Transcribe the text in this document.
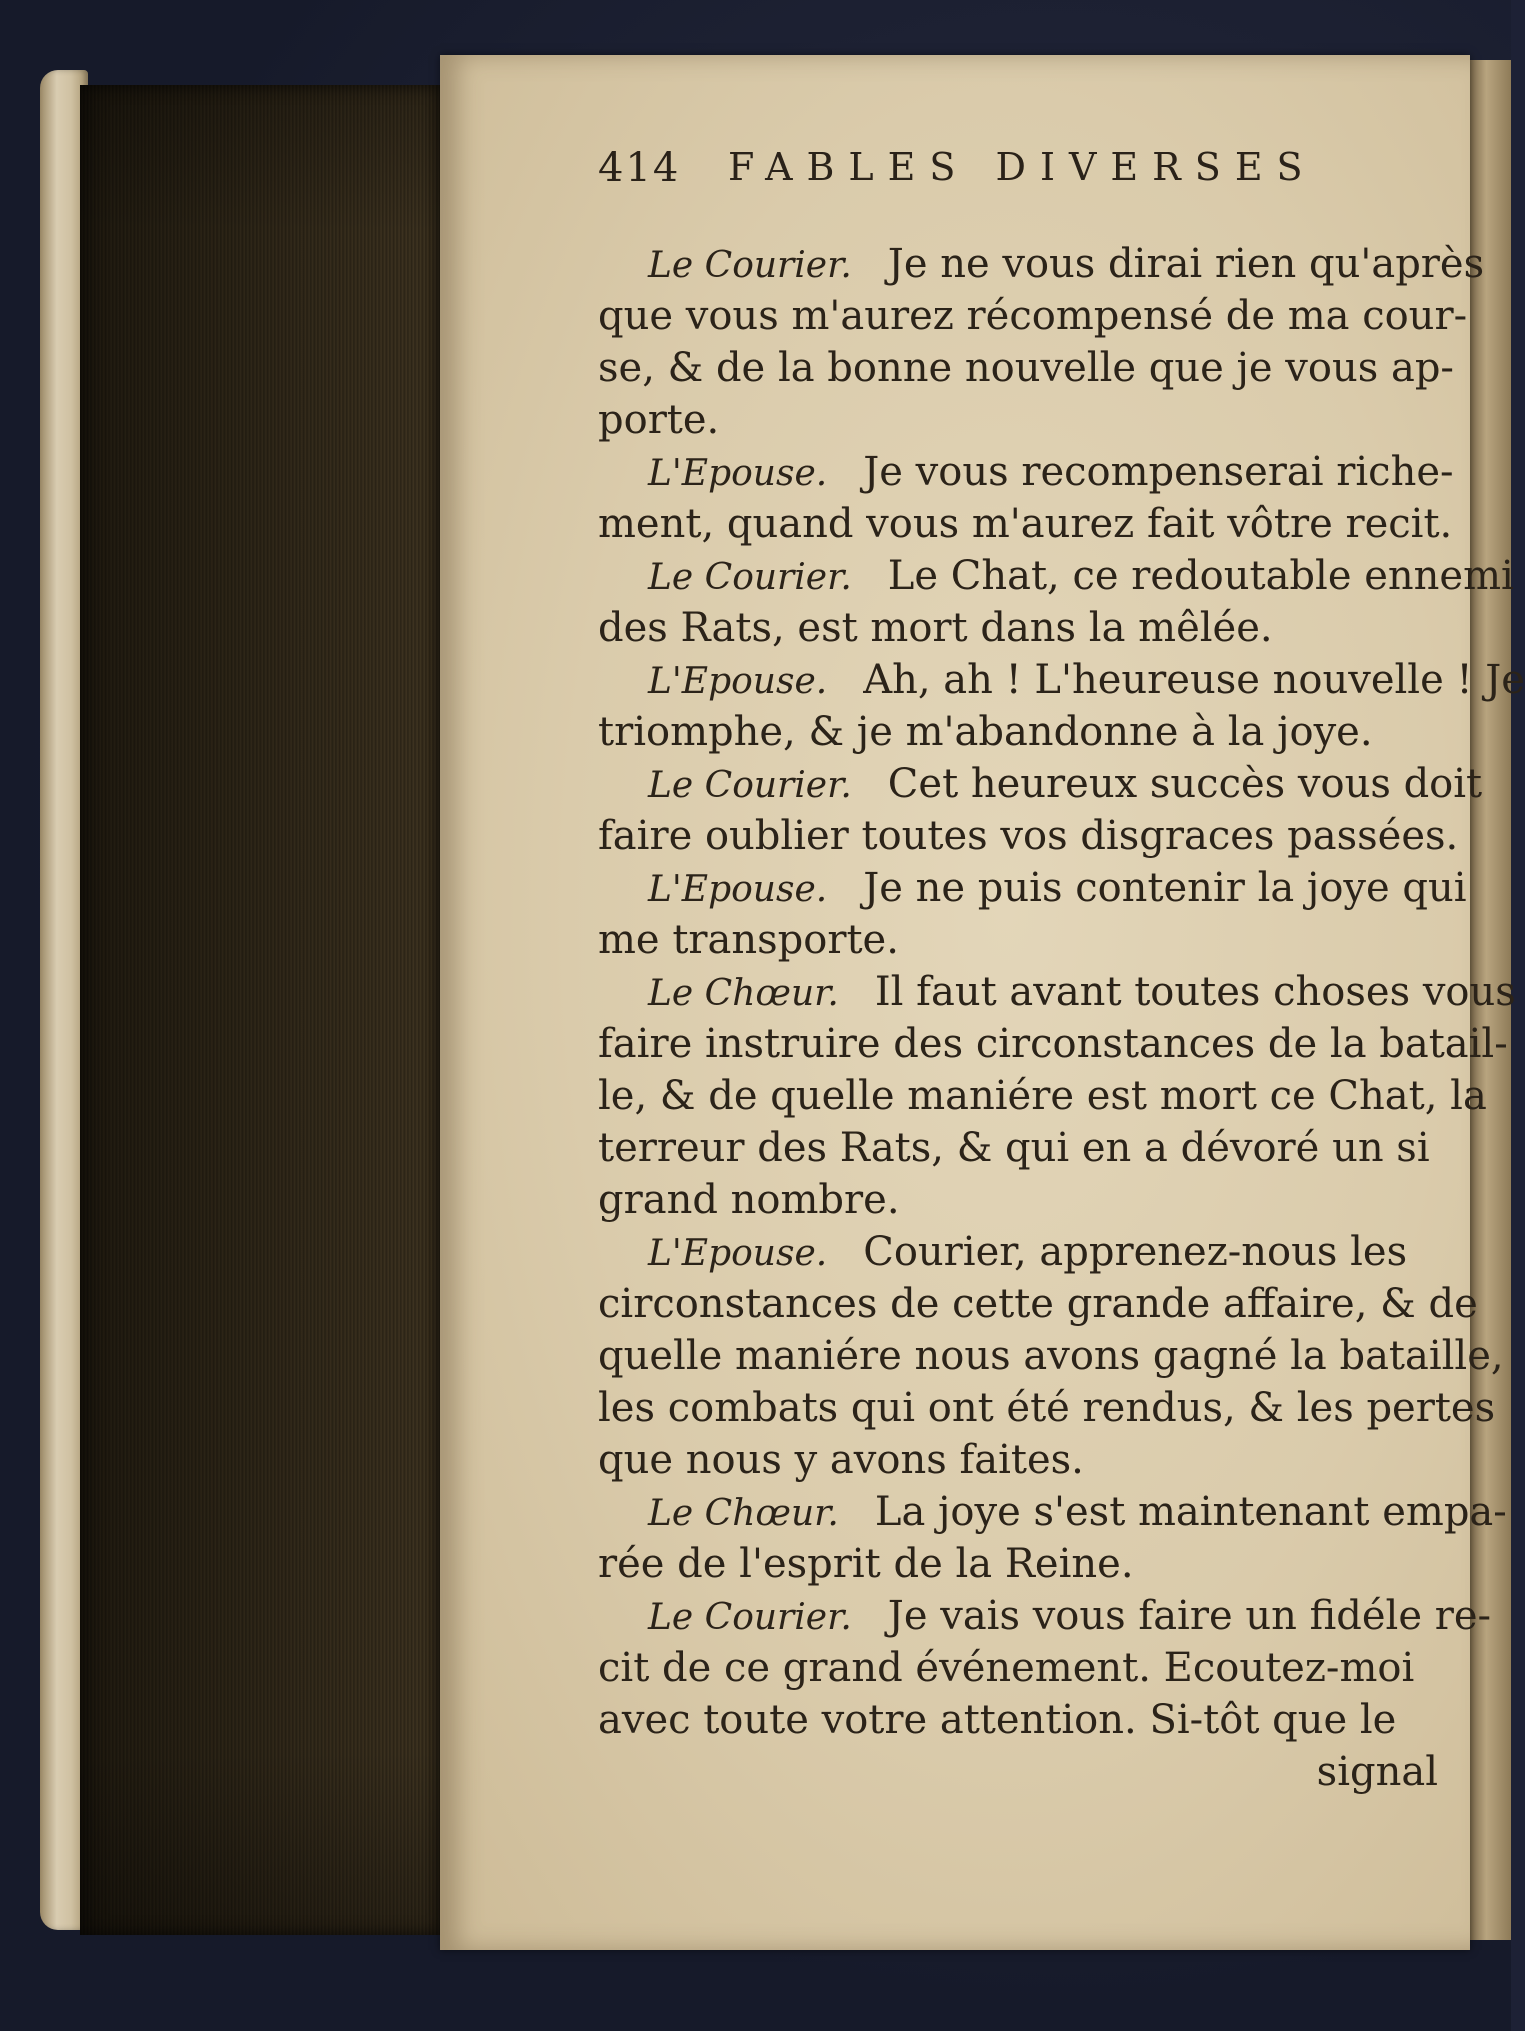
414 FABLES DIVERSES
Le Courier. Je ne vous dirai rien qu'après
que vous m'aurez récompensé de ma cour-
se, & de la bonne nouvelle que je vous ap-
porte.
L'Epouse. Je vous recompenserai riche-
ment, quand vous m'aurez fait vôtre recit.
Le Courier. Le Chat, ce redoutable ennemi
des Rats, est mort dans la mêlée.
L'Epouse. Ah, ah ! L'heureuse nouvelle ! Je
triomphe, & je m'abandonne à la joye.
Le Courier. Cet heureux succès vous doit
faire oublier toutes vos disgraces passées.
L'Epouse. Je ne puis contenir la joye qui
me transporte.
Le Chœur. Il faut avant toutes choses vous
faire instruire des circonstances de la batail-
le, & de quelle maniére est mort ce Chat, la
terreur des Rats, & qui en a dévoré un si
grand nombre.
L'Epouse. Courier, apprenez-nous les
circonstances de cette grande affaire, & de
quelle maniére nous avons gagné la bataille,
les combats qui ont été rendus, & les pertes
que nous y avons faites.
Le Chœur. La joye s'est maintenant empa-
rée de l'esprit de la Reine.
Le Courier. Je vais vous faire un fidéle re-
cit de ce grand événement. Ecoutez-moi
avec toute votre attention. Si-tôt que le
signal
